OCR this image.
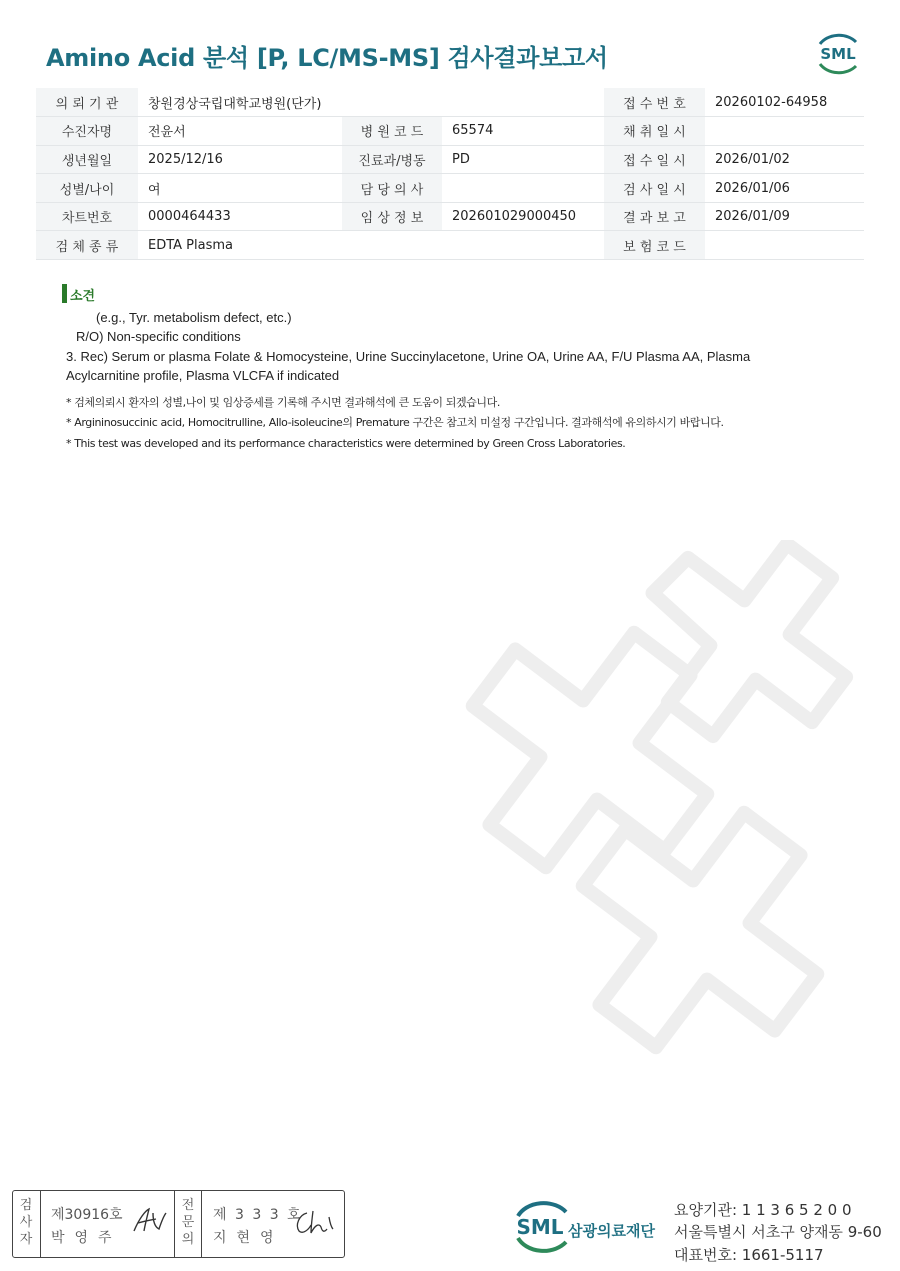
Amino Acid 분석 [P, LC/MS-MS] 검사결과보고서	SML
의 뢰 기 관	창원경상국립대학교병원(단가)			접 수 번 호	20260102-64958
수진자명	전윤서	병 원 코 드	65574	채 취 일 시	
생년월일	2025/12/16	진료과/병동	PD	접 수 일 시	2026/01/02
성별/나이	여	담 당 의 사		검 사 일 시	2026/01/06
차트번호	0000464433	임 상 정 보	202601029000450	결 과 보 고	2026/01/09
검 체 종 류	EDTA Plasma			보 험 코 드	
소견
(e.g., Tyr. metabolism defect, etc.)
R/O) Non-specific conditions
3. Rec) Serum or plasma Folate & Homocysteine, Urine Succinylacetone, Urine OA, Urine AA, F/U Plasma AA, Plasma
Acylcarnitine profile, Plasma VLCFA if indicated
* 검체의뢰시 환자의 성별,나이 및 임상증세를 기록해 주시면 결과해석에 큰 도움이 되겠습니다.
* Argininosuccinic acid, Homocitrulline, Allo-isoleucine의 Premature 구간은 참고치 미설정 구간입니다. 결과해석에 유의하시기 바랍니다.
* This test was developed and its performance characteristics were determined by Green Cross Laboratories.
검사자
제30916호
박영주
전문의
제 3 3 3 호
지현영	SML 삼광의료재단
요양기관: 1 1 3 6 5 2 0 0
서울특별시 서초구 양재동 9-60
대표번호: 1661-5117
